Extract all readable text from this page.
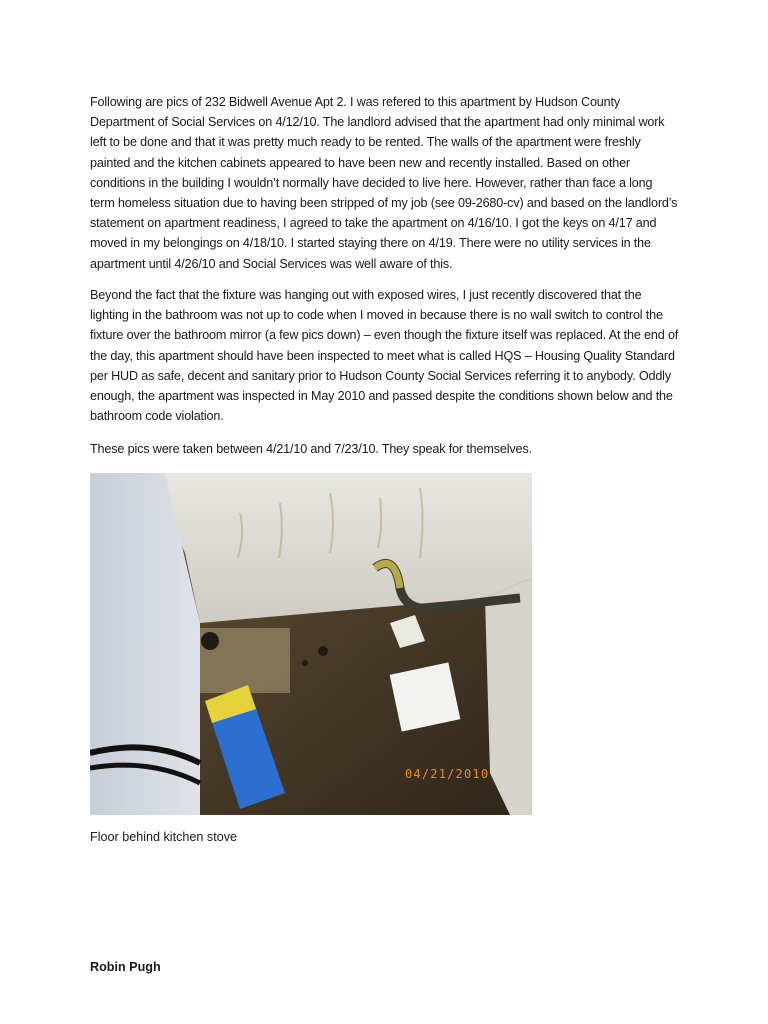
Following are pics of 232 Bidwell Avenue Apt 2. I was refered to this apartment by Hudson County Department of Social Services on 4/12/10. The landlord advised that the apartment had only minimal work left to be done and that it was pretty much ready to be rented. The walls of the apartment were freshly painted and the kitchen cabinets appeared to have been new and recently installed. Based on other conditions in the building I wouldn’t normally have decided to live here. However, rather than face a long term homeless situation due to having been stripped of my job (see 09-2680-cv) and based on the landlord’s statement on apartment readiness, I agreed to take the apartment on 4/16/10. I got the keys on 4/17 and moved in my belongings on 4/18/10. I started staying there on 4/19. There were no utility services in the apartment until 4/26/10 and Social Services was well aware of this.

Beyond the fact that the fixture was hanging out with exposed wires, I just recently discovered that the lighting in the bathroom was not up to code when I moved in because there is no wall switch to control the fixture over the bathroom mirror (a few pics down) – even though the fixture itself was replaced. At the end of the day, this apartment should have been inspected to meet what is called HQS – Housing Quality Standard per HUD as safe, decent and sanitary prior to Hudson County Social Services referring it to anybody. Oddly enough, the apartment was inspected in May 2010 and passed despite the conditions shown below and the bathroom code violation.

These pics were taken between 4/21/10 and 7/23/10. They speak for themselves.

04/21/2010

Floor behind kitchen stove

Robin Pugh
